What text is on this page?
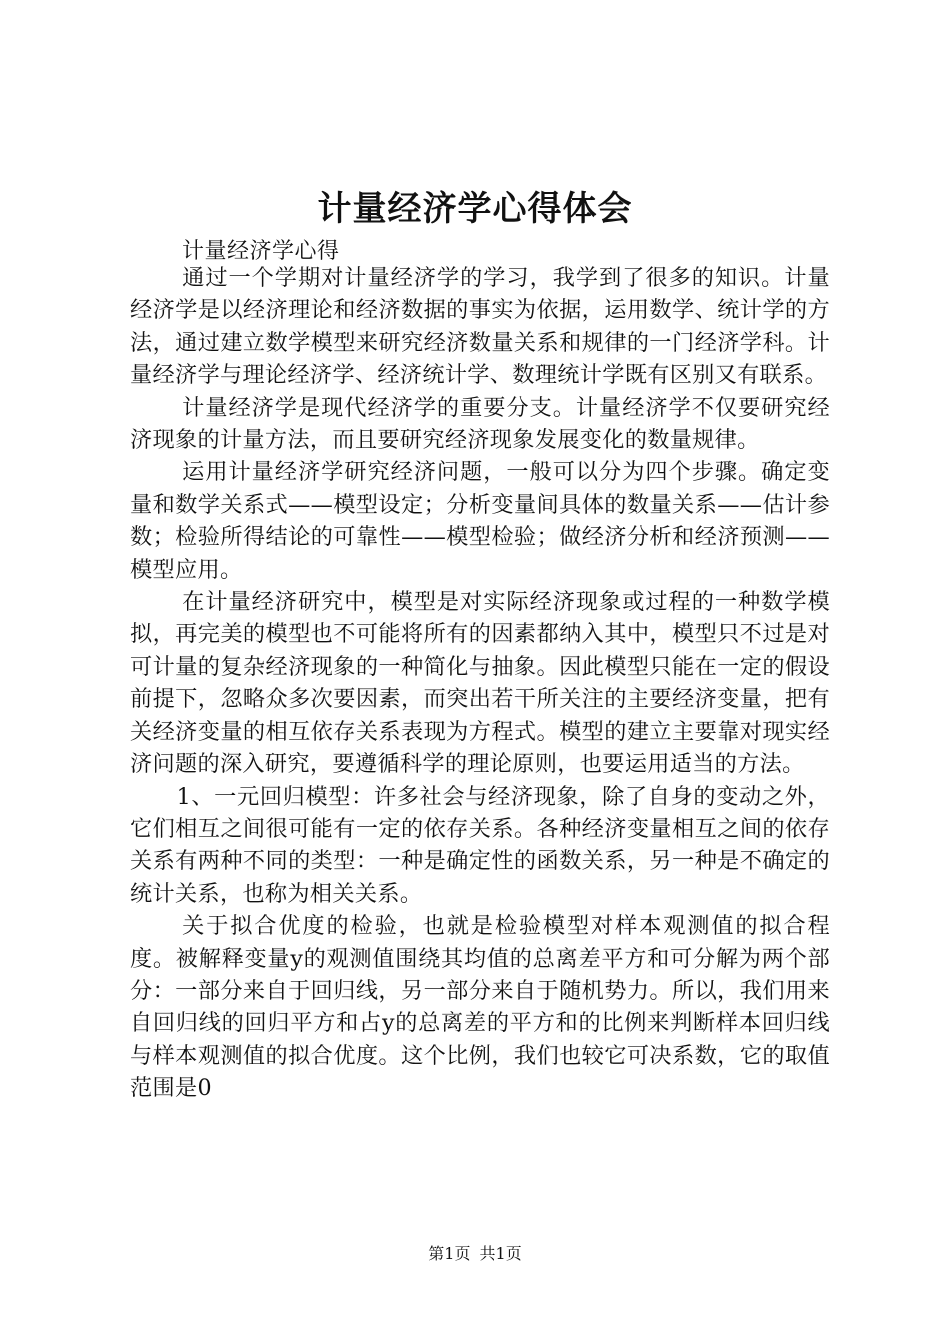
计量经济学心得体会
计量经济学心得

通过一个学期对计量经济学的学习，我学到了很多的知识。计量经济学是以经济理论和经济数据的事实为依据，运用数学、统计学的方法，通过建立数学模型来研究经济数量关系和规律的一门经济学科。计量经济学与理论经济学、经济统计学、数理统计学既有区别又有联系。

计量经济学是现代经济学的重要分支。计量经济学不仅要研究经济现象的计量方法，而且要研究经济现象发展变化的数量规律。

运用计量经济学研究经济问题，一般可以分为四个步骤。确定变量和数学关系式——模型设定；分析变量间具体的数量关系——估计参数；检验所得结论的可靠性——模型检验；做经济分析和经济预测——模型应用。

在计量经济研究中，模型是对实际经济现象或过程的一种数学模拟，再完美的模型也不可能将所有的因素都纳入其中，模型只不过是对可计量的复杂经济现象的一种简化与抽象。因此模型只能在一定的假设前提下，忽略众多次要因素，而突出若干所关注的主要经济变量，把有关经济变量的相互依存关系表现为方程式。模型的建立主要靠对现实经济问题的深入研究，要遵循科学的理论原则，也要运用适当的方法。

1、一元回归模型：许多社会与经济现象，除了自身的变动之外，它们相互之间很可能有一定的依存关系。各种经济变量相互之间的依存关系有两种不同的类型：一种是确定性的函数关系，另一种是不确定的统计关系，也称为相关关系。

关于拟合优度的检验，也就是检验模型对样本观测值的拟合程度。被解释变量y的观测值围绕其均值的总离差平方和可分解为两个部分：一部分来自于回归线，另一部分来自于随机势力。所以，我们用来自回归线的回归平方和占y的总离差的平方和的比例来判断样本回归线与样本观测值的拟合优度。这个比例，我们也较它可决系数，它的取值范围是0

第1页 共1页
